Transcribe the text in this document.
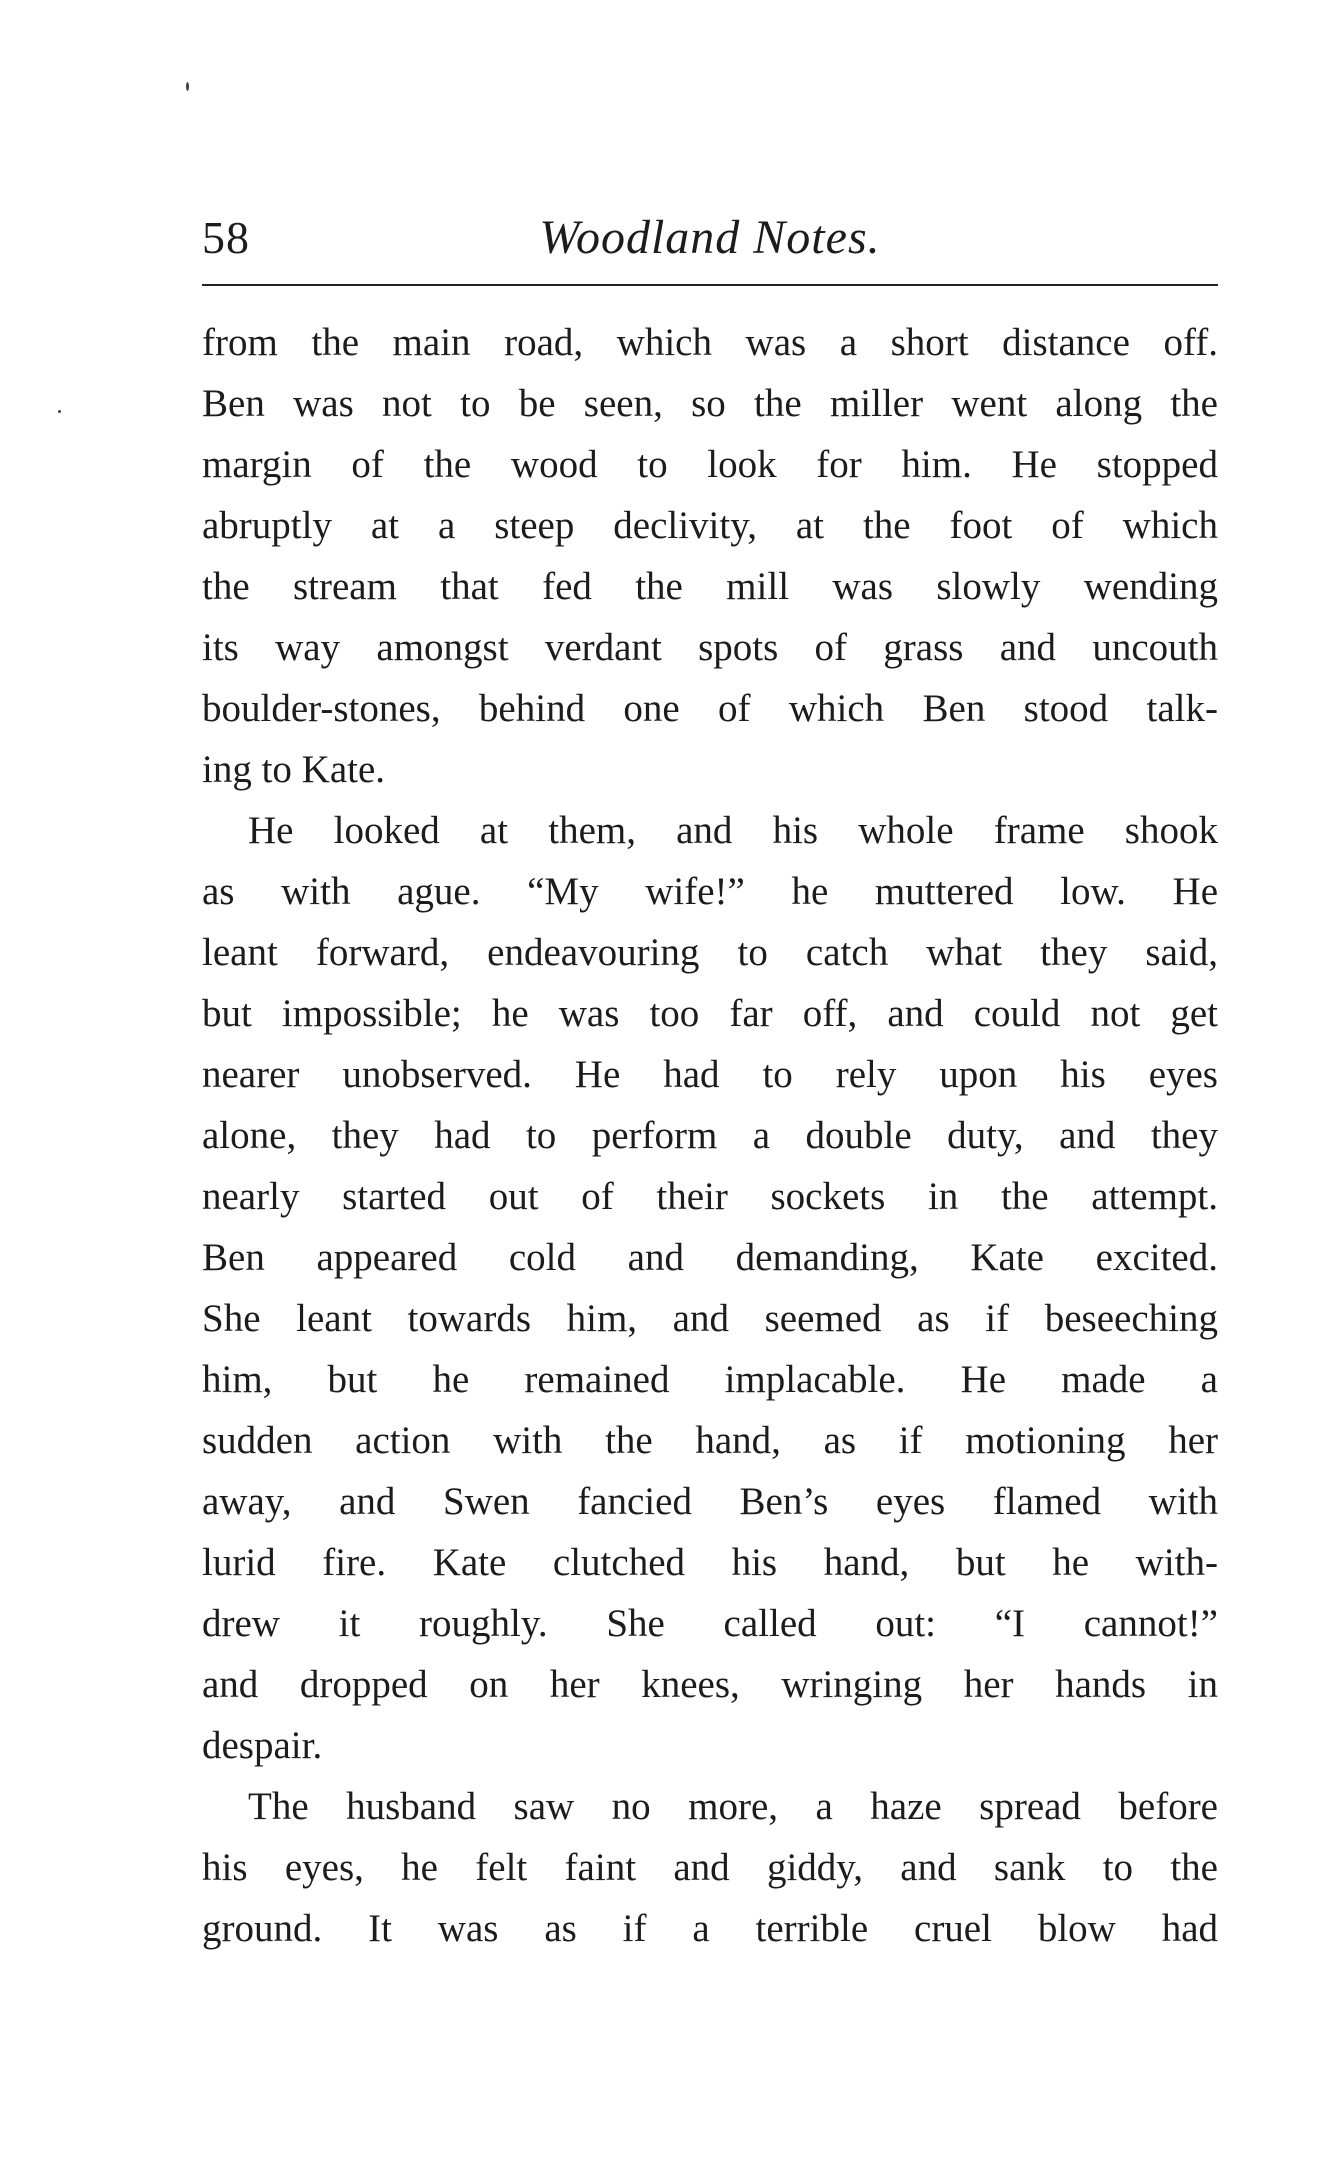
58	Woodland Notes.
from the main road, which was a short distance off.
Ben was not to be seen, so the miller went along the
margin of the wood to look for him. He stopped
abruptly at a steep declivity, at the foot of which
the stream that fed the mill was slowly wending
its way amongst verdant spots of grass and uncouth
boulder-stones, behind one of which Ben stood talk-
ing to Kate.
He looked at them, and his whole frame shook
as with ague. “My wife!” he muttered low. He
leant forward, endeavouring to catch what they said,
but impossible; he was too far off, and could not get
nearer unobserved. He had to rely upon his eyes
alone, they had to perform a double duty, and they
nearly started out of their sockets in the attempt.
Ben appeared cold and demanding, Kate excited.
She leant towards him, and seemed as if beseeching
him, but he remained implacable. He made a
sudden action with the hand, as if motioning her
away, and Swen fancied Ben’s eyes flamed with
lurid fire. Kate clutched his hand, but he with-
drew it roughly. She called out: “I cannot!”
and dropped on her knees, wringing her hands in
despair.
The husband saw no more, a haze spread before
his eyes, he felt faint and giddy, and sank to the
ground. It was as if a terrible cruel blow had
